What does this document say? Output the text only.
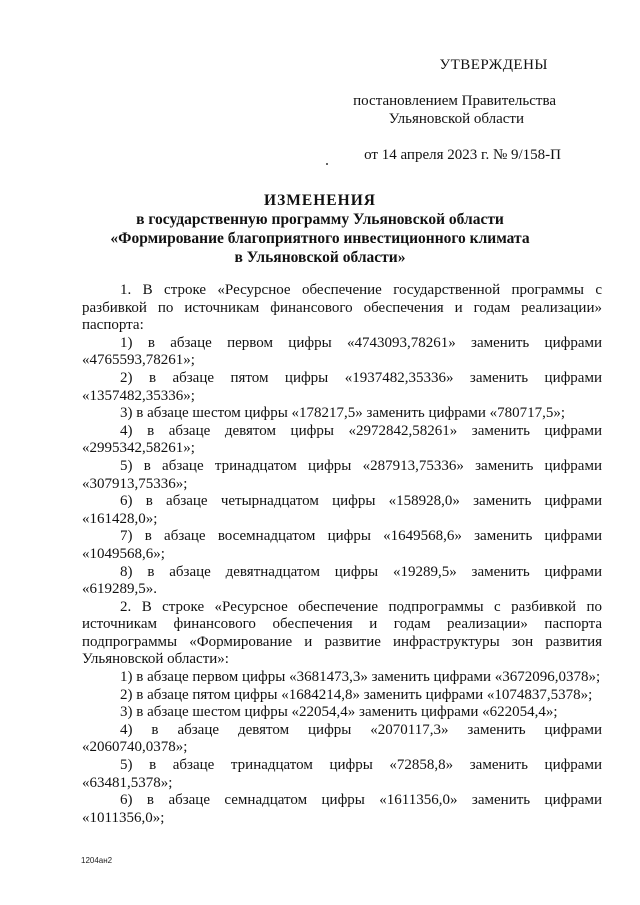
УТВЕРЖДЕНЫ
постановлением Правительства
Ульяновской области
от 14 апреля 2023 г. № 9/158-П
ИЗМЕНЕНИЯ
в государственную программу Ульяновской области
«Формирование благоприятного инвестиционного климата
в Ульяновской области»

1. В строке «Ресурсное обеспечение государственной программы с разбивкой по источникам финансового обеспечения и годам реализации» паспорта:

1) в абзаце первом цифры «4743093,78261» заменить цифрами «4765593,78261»;

2) в абзаце пятом цифры «1937482,35336» заменить цифрами «1357482,35336»;

3) в абзаце шестом цифры «178217,5» заменить цифрами «780717,5»;

4) в абзаце девятом цифры «2972842,58261» заменить цифрами «2995342,58261»;

5) в абзаце тринадцатом цифры «287913,75336» заменить цифрами «307913,75336»;

6) в абзаце четырнадцатом цифры «158928,0» заменить цифрами «161428,0»;

7) в абзаце восемнадцатом цифры «1649568,6» заменить цифрами «1049568,6»;

8) в абзаце девятнадцатом цифры «19289,5» заменить цифрами «619289,5».

2. В строке «Ресурсное обеспечение подпрограммы с разбивкой по источникам финансового обеспечения и годам реализации» паспорта подпрограммы «Формирование и развитие инфраструктуры зон развития Ульяновской области»:

1) в абзаце первом цифры «3681473,3» заменить цифрами «3672096,0378»;

2) в абзаце пятом цифры «1684214,8» заменить цифрами «1074837,5378»;

3) в абзаце шестом цифры «22054,4» заменить цифрами «622054,4»;

4) в абзаце девятом цифры «2070117,3» заменить цифрами «2060740,0378»;

5) в абзаце тринадцатом цифры «72858,8» заменить цифрами «63481,5378»;

6) в абзаце семнадцатом цифры «1611356,0» заменить цифрами «1011356,0»;

1204ан2
